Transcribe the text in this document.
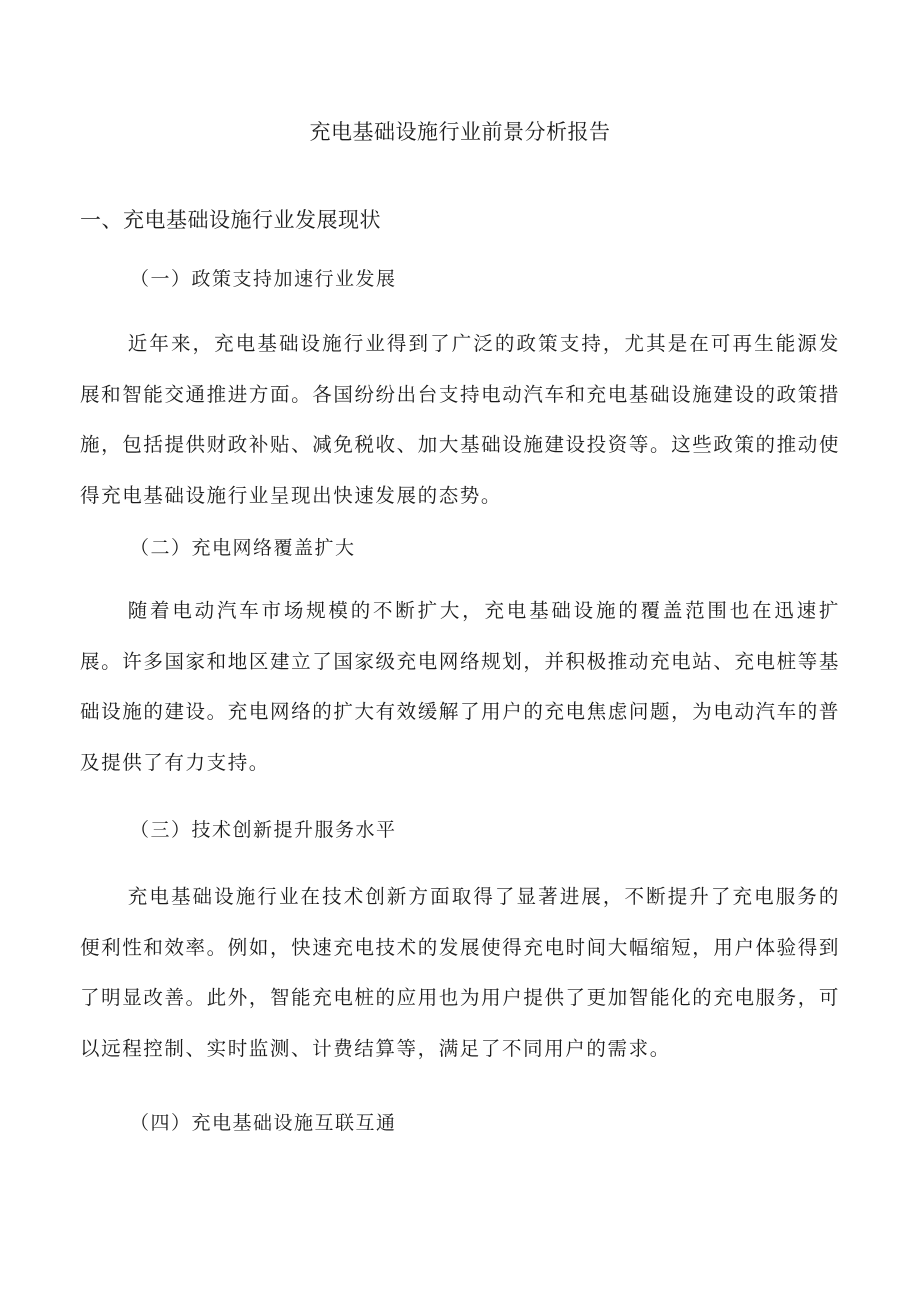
充电基础设施行业前景分析报告
一、充电基础设施行业发展现状
（一）政策支持加速行业发展

近年来，充电基础设施行业得到了广泛的政策支持，尤其是在可再生能源发展和智能交通推进方面。各国纷纷出台支持电动汽车和充电基础设施建设的政策措施，包括提供财政补贴、减免税收、加大基础设施建设投资等。这些政策的推动使得充电基础设施行业呈现出快速发展的态势。

（二）充电网络覆盖扩大

随着电动汽车市场规模的不断扩大，充电基础设施的覆盖范围也在迅速扩展。许多国家和地区建立了国家级充电网络规划，并积极推动充电站、充电桩等基础设施的建设。充电网络的扩大有效缓解了用户的充电焦虑问题，为电动汽车的普及提供了有力支持。

（三）技术创新提升服务水平

充电基础设施行业在技术创新方面取得了显著进展，不断提升了充电服务的便利性和效率。例如，快速充电技术的发展使得充电时间大幅缩短，用户体验得到了明显改善。此外，智能充电桩的应用也为用户提供了更加智能化的充电服务，可以远程控制、实时监测、计费结算等，满足了不同用户的需求。

（四）充电基础设施互联互通
